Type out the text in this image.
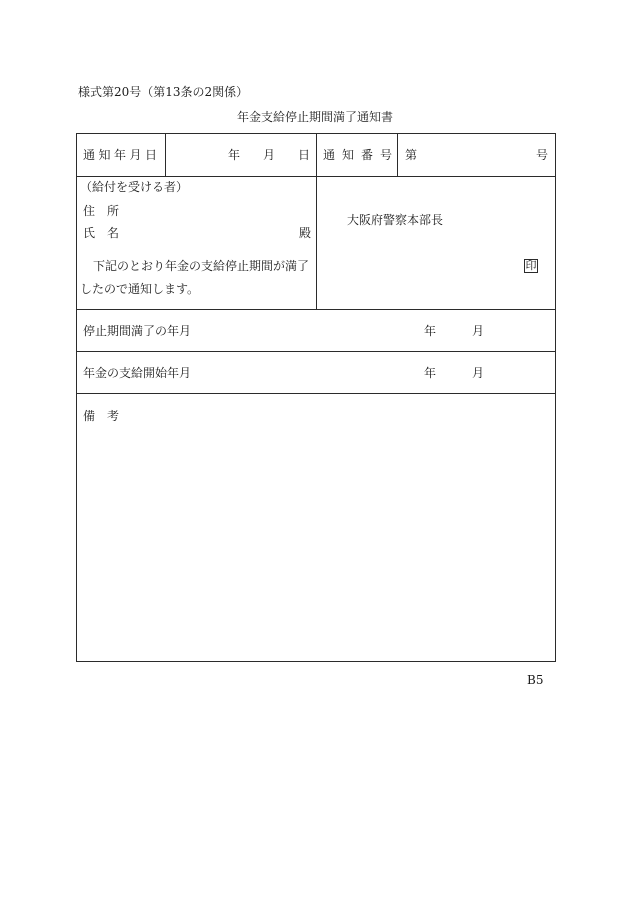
様式第20号（第13条の2関係）
年金支給停止期間満了通知書
通知年月日	年 月 日 通知番号 第	号
（給付を受ける者）
住　所
氏　名	殿
下記のとおり年金の支給停止期間が満了
したので通知します。
大阪府警察本部長
印
停止期間満了の年月	年	月
年金の支給開始年月	年	月
備　考
B5
